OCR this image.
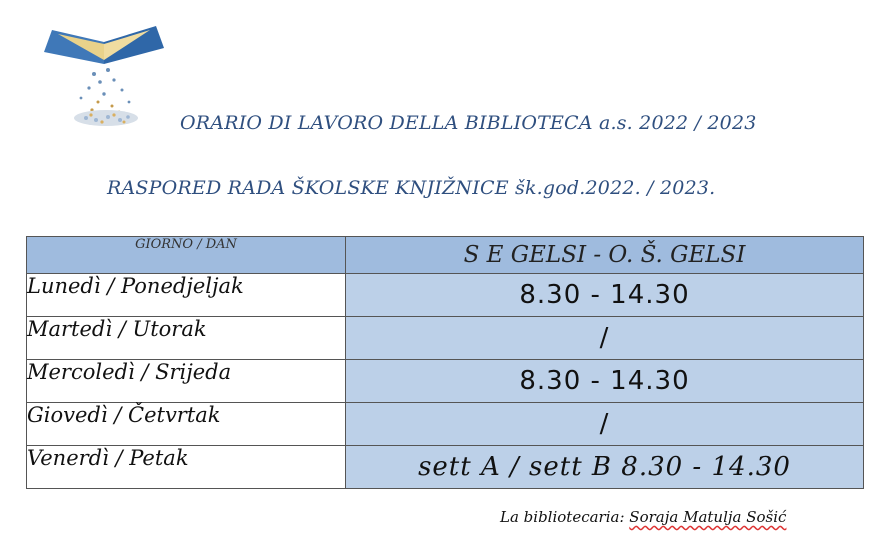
ORARIO DI LAVORO DELLA BIBLIOTECA a.s. 2022 / 2023
RASPORED RADA ŠKOLSKE KNJIŽNICE šk.god.2022. / 2023.
GIORNO / DAN	S E GELSI - O. Š. GELSI
Lunedì / Ponedjeljak	8.30 - 14.30
Martedì / Utorak	/
Mercoledì / Srijeda	8.30 - 14.30
Giovedì / Četvrtak	/
Venerdì / Petak	sett A / sett B 8.30 - 14.30
La bibliotecaria: Soraja Matulja Sošić
